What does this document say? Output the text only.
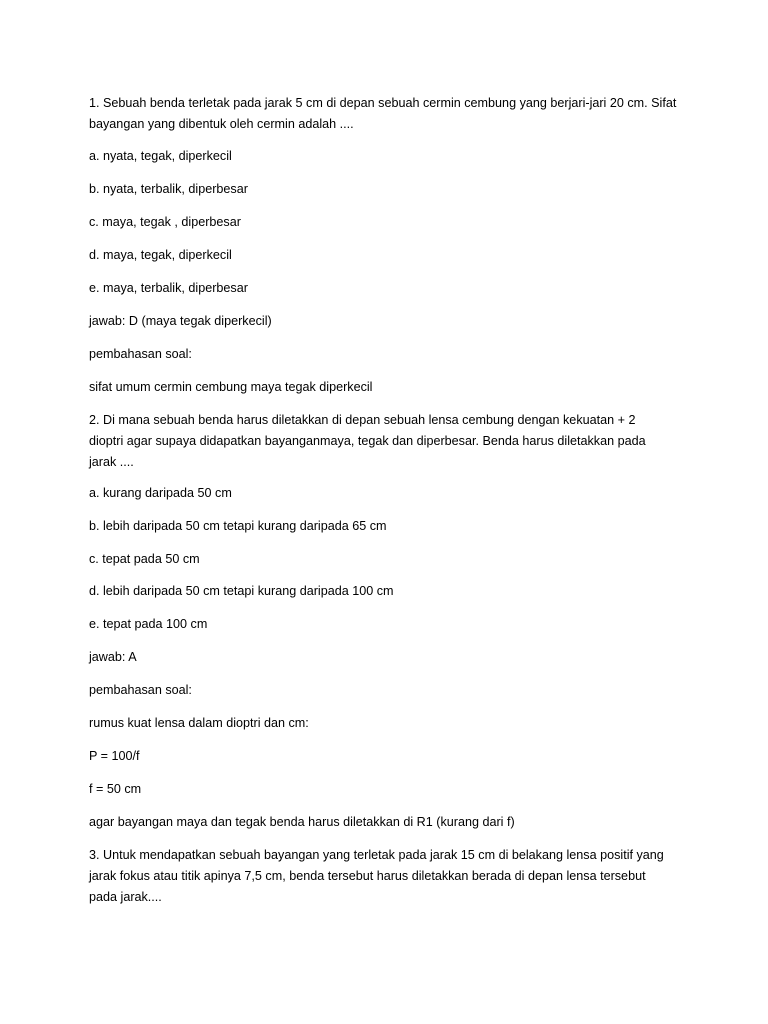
1. Sebuah benda terletak pada jarak 5 cm di depan sebuah cermin cembung yang berjari-jari 20 cm. Sifat

bayangan yang dibentuk oleh cermin adalah ....

a. nyata, tegak, diperkecil

b. nyata, terbalik, diperbesar

c. maya, tegak , diperbesar

d. maya, tegak, diperkecil

e. maya, terbalik, diperbesar

jawab: D (maya tegak diperkecil)

pembahasan soal:

sifat umum cermin cembung maya tegak diperkecil

2. Di mana sebuah benda harus diletakkan di depan sebuah lensa cembung dengan kekuatan + 2

dioptri agar supaya didapatkan bayanganmaya, tegak dan diperbesar. Benda harus diletakkan pada

jarak ....

a. kurang daripada 50 cm

b. lebih daripada 50 cm tetapi kurang daripada 65 cm

c. tepat pada 50 cm

d. lebih daripada 50 cm tetapi kurang daripada 100 cm

e. tepat pada 100 cm

jawab: A

pembahasan soal:

rumus kuat lensa dalam dioptri dan cm:

P = 100/f

f = 50 cm

agar bayangan maya dan tegak benda harus diletakkan di R1 (kurang dari f)

3. Untuk mendapatkan sebuah bayangan yang terletak pada jarak 15 cm di belakang lensa positif yang

jarak fokus atau titik apinya 7,5 cm, benda tersebut harus diletakkan berada di depan lensa tersebut

pada jarak....
